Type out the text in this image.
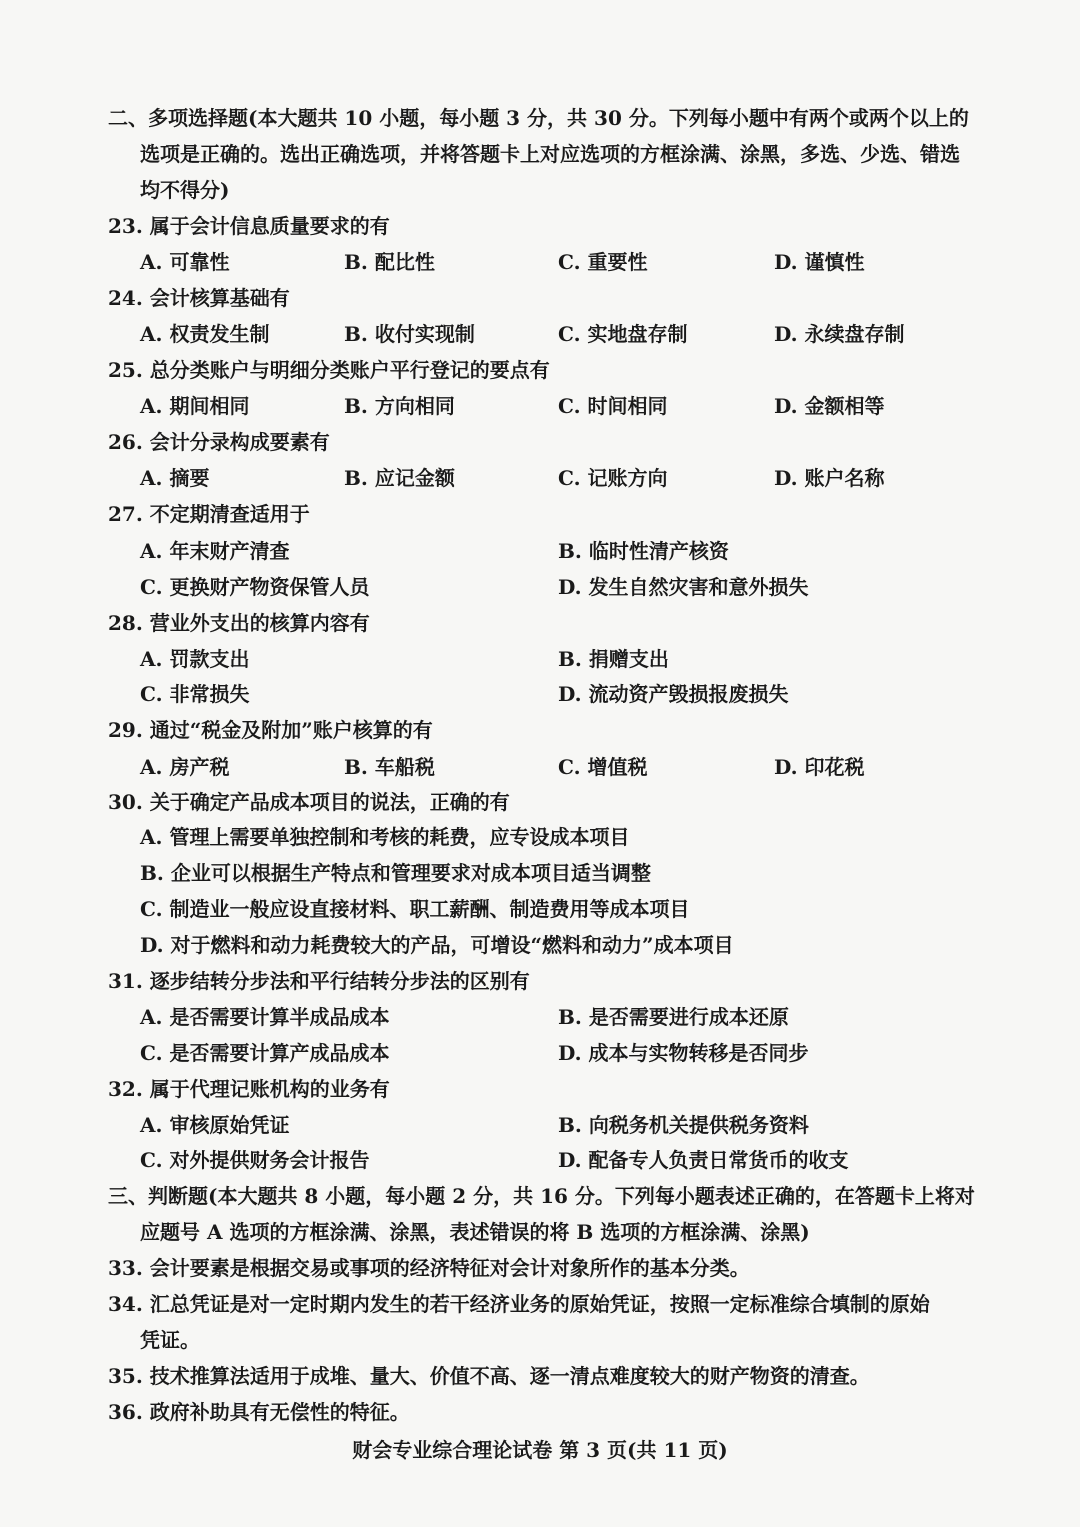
二、多项选择题(本大题共 10 小题，每小题 3 分，共 30 分。下列每小题中有两个或两个以上的
选项是正确的。选出正确选项，并将答题卡上对应选项的方框涂满、涂黑，多选、少选、错选
均不得分)
23. 属于会计信息质量要求的有
A. 可靠性	B. 配比性	C. 重要性	D. 谨慎性
24. 会计核算基础有
A. 权责发生制	B. 收付实现制	C. 实地盘存制	D. 永续盘存制
25. 总分类账户与明细分类账户平行登记的要点有
A. 期间相同	B. 方向相同	C. 时间相同	D. 金额相等
26. 会计分录构成要素有
A. 摘要	B. 应记金额	C. 记账方向	D. 账户名称
27. 不定期清查适用于
A. 年末财产清查	B. 临时性清产核资
C. 更换财产物资保管人员	D. 发生自然灾害和意外损失
28. 营业外支出的核算内容有
A. 罚款支出	B. 捐赠支出
C. 非常损失	D. 流动资产毁损报废损失
29. 通过“税金及附加”账户核算的有
A. 房产税	B. 车船税	C. 增值税	D. 印花税
30. 关于确定产品成本项目的说法，正确的有
A. 管理上需要单独控制和考核的耗费，应专设成本项目
B. 企业可以根据生产特点和管理要求对成本项目适当调整
C. 制造业一般应设直接材料、职工薪酬、制造费用等成本项目
D. 对于燃料和动力耗费较大的产品，可增设“燃料和动力”成本项目
31. 逐步结转分步法和平行结转分步法的区别有
A. 是否需要计算半成品成本	B. 是否需要进行成本还原
C. 是否需要计算产成品成本	D. 成本与实物转移是否同步
32. 属于代理记账机构的业务有
A. 审核原始凭证	B. 向税务机关提供税务资料
C. 对外提供财务会计报告	D. 配备专人负责日常货币的收支
三、判断题(本大题共 8 小题，每小题 2 分，共 16 分。下列每小题表述正确的，在答题卡上将对
应题号 A 选项的方框涂满、涂黑，表述错误的将 B 选项的方框涂满、涂黑)
33. 会计要素是根据交易或事项的经济特征对会计对象所作的基本分类。
34. 汇总凭证是对一定时期内发生的若干经济业务的原始凭证，按照一定标准综合填制的原始
凭证。
35. 技术推算法适用于成堆、量大、价值不高、逐一清点难度较大的财产物资的清查。
36. 政府补助具有无偿性的特征。
财会专业综合理论试卷 第 3 页(共 11 页)
